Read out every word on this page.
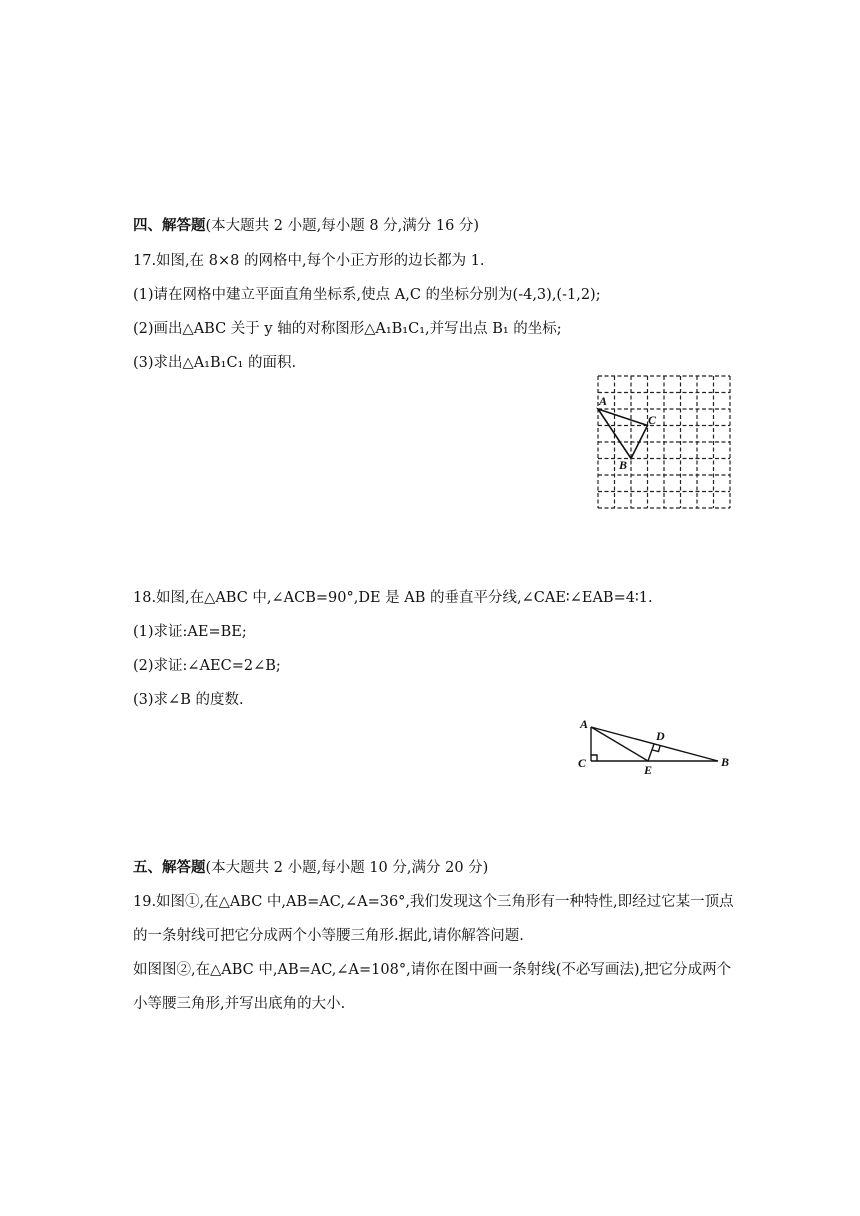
四、解答题(本大题共 2 小题,每小题 8 分,满分 16 分)
17.如图,在 8×8 的网格中,每个小正方形的边长都为 1.
(1)请在网格中建立平面直角坐标系,使点 A,C 的坐标分别为(-4,3),(-1,2);
(2)画出△ABC 关于 y 轴的对称图形△A₁B₁C₁,并写出点 B₁ 的坐标;
(3)求出△A₁B₁C₁ 的面积.
A
C
B
18.如图,在△ABC 中,∠ACB=90°,DE 是 AB 的垂直平分线,∠CAE∶∠EAB=4∶1.
(1)求证:AE=BE;
(2)求证:∠AEC=2∠B;
(3)求∠B 的度数.
A
C
D
E
B
五、解答题(本大题共 2 小题,每小题 10 分,满分 20 分)
19.如图①,在△ABC 中,AB=AC,∠A=36°,我们发现这个三角形有一种特性,即经过它某一顶点
的一条射线可把它分成两个小等腰三角形.据此,请你解答问题.
如图图②,在△ABC 中,AB=AC,∠A=108°,请你在图中画一条射线(不必写画法),把它分成两个
小等腰三角形,并写出底角的大小.
